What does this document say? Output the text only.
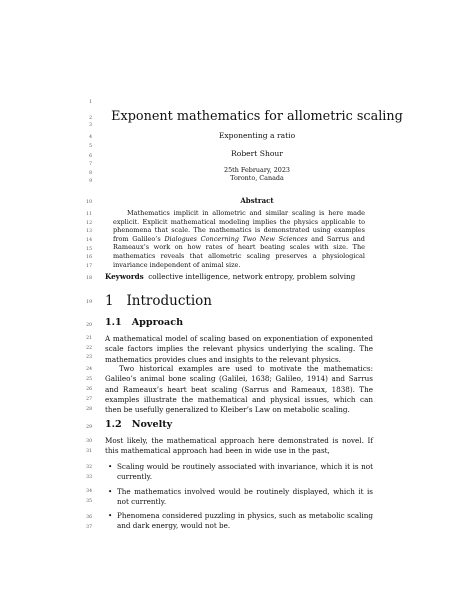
1
2
3
4
5
6
7
8
9
10
11
12
13
14
15
16
17
18
19
20
21
22
23
24
25
26
27
28
29
30
31
32
33
34
35
36
37
Exponent mathematics for allometric scaling
Exponenting a ratio
Robert Shour
25th February, 2023
Toronto, Canada
Abstract
Mathematics implicit in allometric and similar scaling is here made explicit. Explicit mathematical modeling implies the physics applicable to phenomena that scale. The mathematics is demonstrated using examples from Galileo’s Dialogues Concerning Two New Sciences and Sarrus and Rameaux’s work on how rates of heart beating scales with size. The mathematics reveals that allometric scaling preserves a physiological invariance independent of animal size.
Keywords collective intelligence, network entropy, problem solving
1 Introduction
1.1 Approach
A mathematical model of scaling based on exponentiation of exponented scale factors implies the relevant physics underlying the scaling. The mathematics provides clues and insights to the relevant physics.
Two historical examples are used to motivate the mathematics: Galileo’s animal bone scaling (Galilei, 1638; Galileo, 1914) and Sarrus and Rameaux’s heart beat scaling (Sarrus and Rameaux, 1838). The examples illustrate the mathematical and physical issues, which can then be usefully generalized to Kleiber’s Law on metabolic scaling.
1.2 Novelty
Most likely, the mathematical approach here demonstrated is novel. If this mathematical approach had been in wide use in the past,
• Scaling would be routinely associated with invariance, which it is not currently.
• The mathematics involved would be routinely displayed, which it is not currently.
• Phenomena considered puzzling in physics, such as metabolic scaling and dark energy, would not be.
